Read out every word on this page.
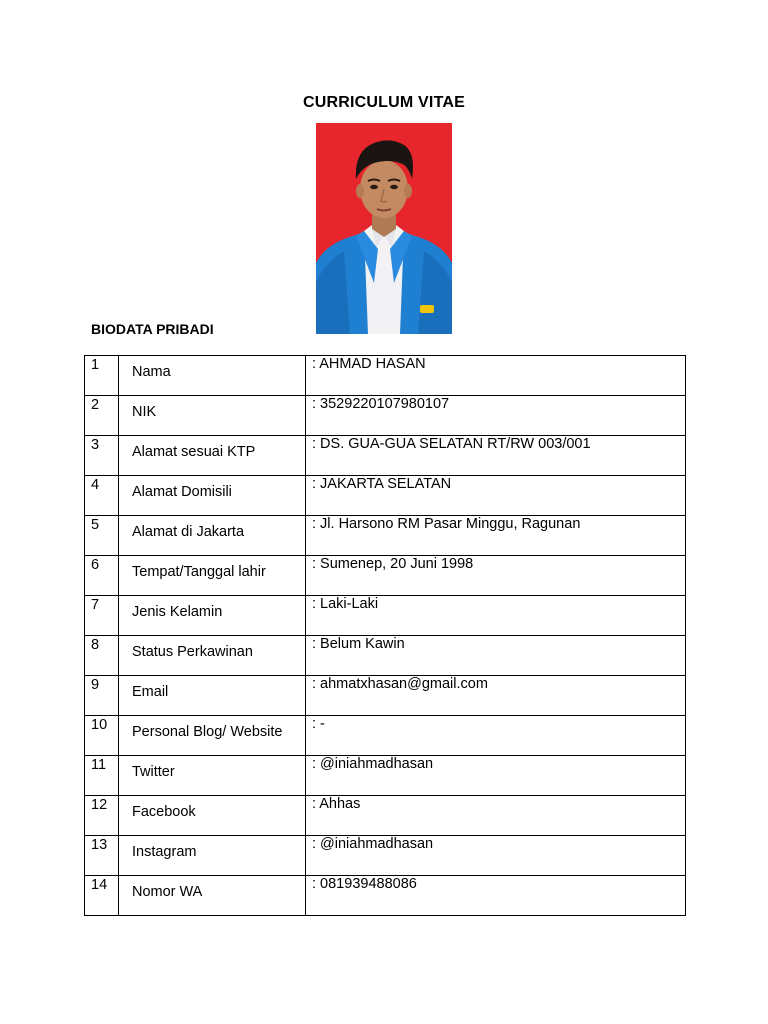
CURRICULUM VITAE
BIODATA PRIBADI
1	Nama	: AHMAD HASAN
2	NIK	: 3529220107980107
3	Alamat sesuai KTP	: DS. GUA-GUA SELATAN RT/RW 003/001
4	Alamat Domisili	: JAKARTA SELATAN
5	Alamat di Jakarta	: Jl. Harsono RM Pasar Minggu, Ragunan
6	Tempat/Tanggal lahir	: Sumenep, 20 Juni 1998
7	Jenis Kelamin	: Laki-Laki
8	Status Perkawinan	: Belum Kawin
9	Email	: ahmatxhasan@gmail.com
10	Personal Blog/ Website	: -
11	Twitter	: @iniahmadhasan
12	Facebook	: Ahhas
13	Instagram	: @iniahmadhasan
14	Nomor WA	: 081939488086
